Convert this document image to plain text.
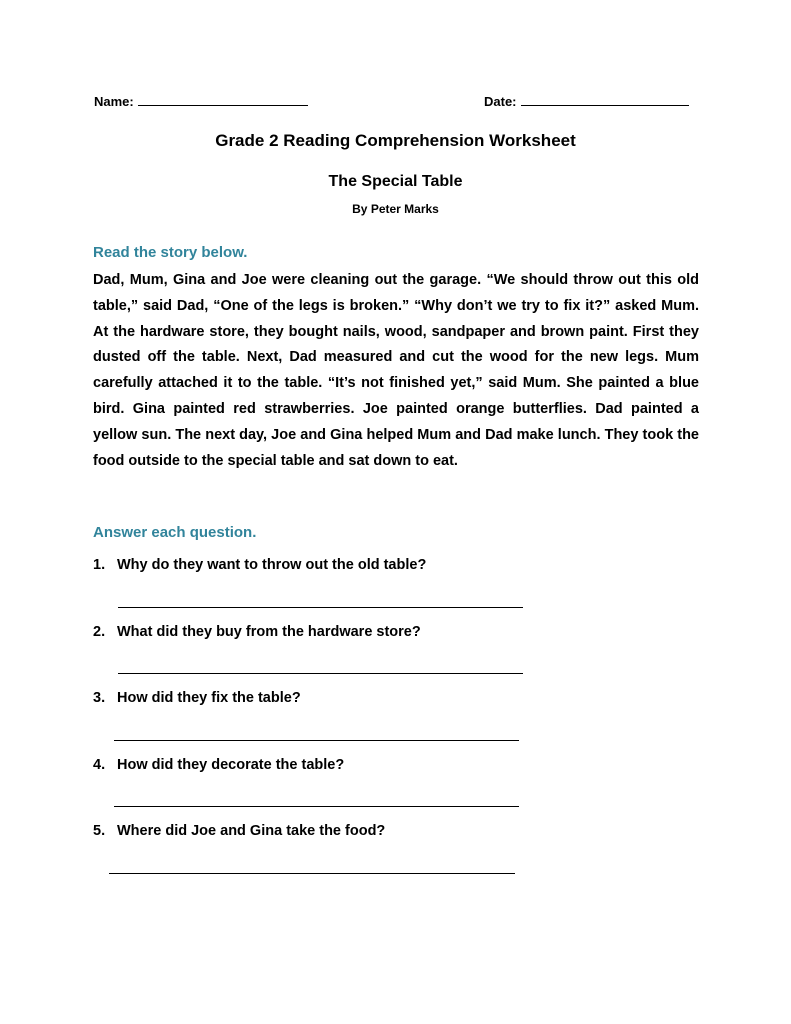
Name:	Date:
Grade 2 Reading Comprehension Worksheet
The Special Table
By Peter Marks
Read the story below.

Dad, Mum, Gina and Joe were cleaning out the garage. “We should throw out this old table,” said Dad, “One of the legs is broken.” “Why don’t we try to fix it?” asked Mum. At the hardware store, they bought nails, wood, sandpaper and brown paint. First they dusted off the table. Next, Dad measured and cut the wood for the new legs. Mum carefully attached it to the table. “It’s not finished yet,” said Mum. She painted a blue bird. Gina painted red strawberries. Joe painted orange butterflies. Dad painted a yellow sun. The next day, Joe and Gina helped Mum and Dad make lunch. They took the food outside to the special table and sat down to eat.

Answer each question.
1. Why do they want to throw out the old table?
2. What did they buy from the hardware store?
3. How did they fix the table?
4. How did they decorate the table?
5. Where did Joe and Gina take the food?
